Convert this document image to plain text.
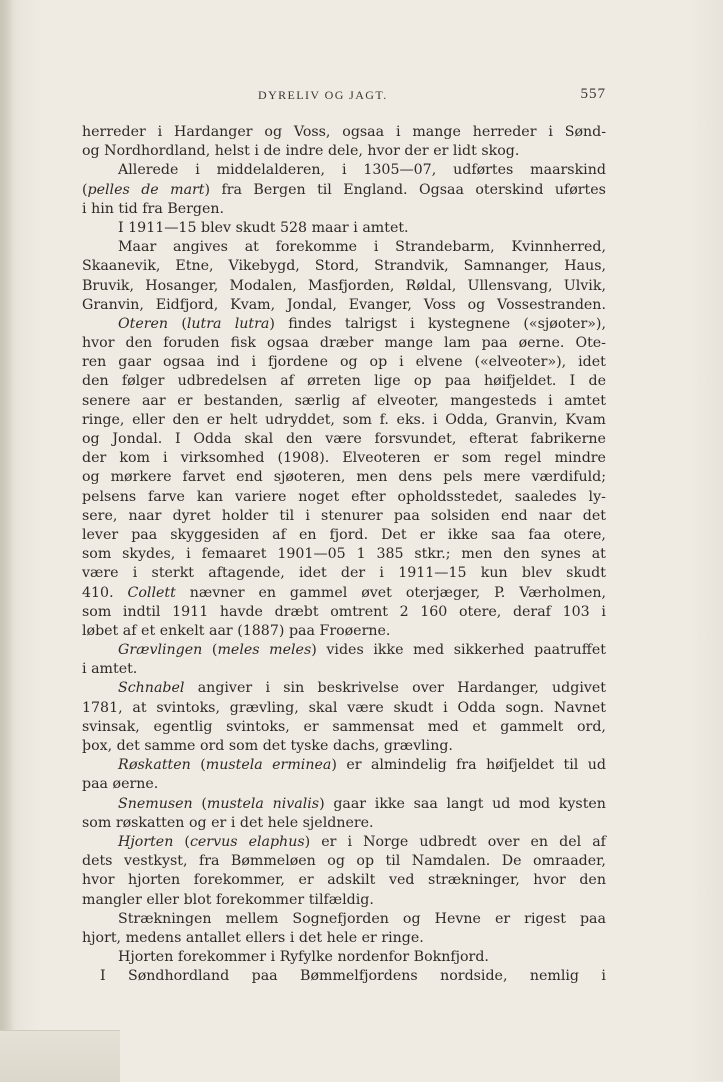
DYRELIV OG JAGT.	557
herreder i Hardanger og Voss, ogsaa i mange herreder i Sønd-
og Nordhordland, helst i de indre dele, hvor der er lidt skog.
Allerede i middelalderen, i 1305—07, udførtes maarskind
(pelles de mart) fra Bergen til England. Ogsaa oterskind uførtes
i hin tid fra Bergen.
I 1911—15 blev skudt 528 maar i amtet.
Maar angives at forekomme i Strandebarm, Kvinnherred,
Skaanevik, Etne, Vikebygd, Stord, Strandvik, Samnanger, Haus,
Bruvik, Hosanger, Modalen, Masfjorden, Røldal, Ullensvang, Ulvik,
Granvin, Eidfjord, Kvam, Jondal, Evanger, Voss og Vossestranden.
Oteren (lutra lutra) findes talrigst i kystegnene («sjøoter»),
hvor den foruden fisk ogsaa dræber mange lam paa øerne. Ote-
ren gaar ogsaa ind i fjordene og op i elvene («elveoter»), idet
den følger udbredelsen af ørreten lige op paa høifjeldet. I de
senere aar er bestanden, særlig af elveoter, mangesteds i amtet
ringe, eller den er helt udryddet, som f. eks. i Odda, Granvin, Kvam
og Jondal. I Odda skal den være forsvundet, efterat fabrikerne
der kom i virksomhed (1908). Elveoteren er som regel mindre
og mørkere farvet end sjøoteren, men dens pels mere værdifuld;
pelsens farve kan variere noget efter opholdsstedet, saaledes ly-
sere, naar dyret holder til i stenurer paa solsiden end naar det
lever paa skyggesiden af en fjord. Det er ikke saa faa otere,
som skydes, i femaaret 1901—05 1 385 stkr.; men den synes at
være i sterkt aftagende, idet der i 1911—15 kun blev skudt
410. Collett nævner en gammel øvet oterjæger, P. Værholmen,
som indtil 1911 havde dræbt omtrent 2 160 otere, deraf 103 i
løbet af et enkelt aar (1887) paa Froøerne.
Grævlingen (meles meles) vides ikke med sikkerhed paatruffet
i amtet.
Schnabel angiver i sin beskrivelse over Hardanger, udgivet
1781, at svintoks, grævling, skal være skudt i Odda sogn. Navnet
svinsak, egentlig svintoks, er sammensat med et gammelt ord,
þox, det samme ord som det tyske dachs, grævling.
Røskatten (mustela erminea) er almindelig fra høifjeldet til ud
paa øerne.
Snemusen (mustela nivalis) gaar ikke saa langt ud mod kysten
som røskatten og er i det hele sjeldnere.
Hjorten (cervus elaphus) er i Norge udbredt over en del af
dets vestkyst, fra Bømmeløen og op til Namdalen. De omraader,
hvor hjorten forekommer, er adskilt ved strækninger, hvor den
mangler eller blot forekommer tilfældig.
Strækningen mellem Sognefjorden og Hevne er rigest paa
hjort, medens antallet ellers i det hele er ringe.
Hjorten forekommer i Ryfylke nordenfor Boknfjord.
I Søndhordland paa Bømmelfjordens nordside, nemlig i
